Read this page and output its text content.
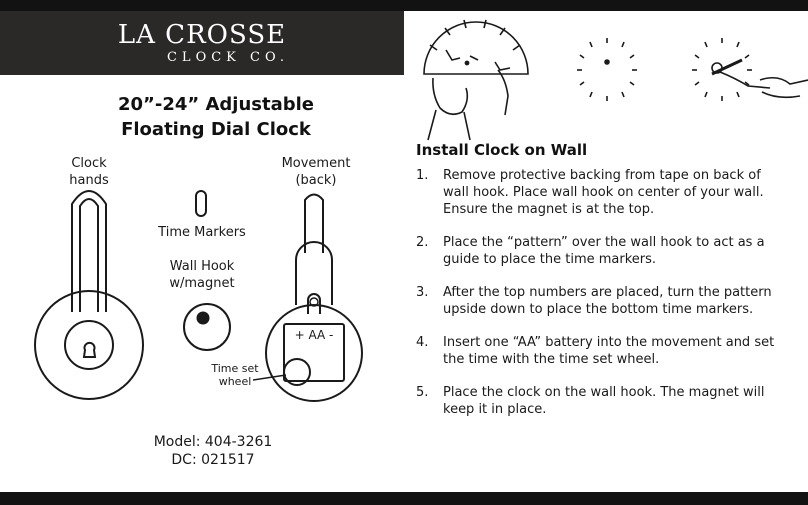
LA CROSSE
CLOCK CO.
20”-24” Adjustable
Floating Dial Clock
Clock
hands
Movement
(back)
Time Markers
Wall Hook
w/magnet
Time set
wheel
+ AA -
Model: 404-3261
DC: 021517
Install Clock on Wall
1.	Remove protective backing from tape on back of wall hook. Place wall hook on center of your wall. Ensure the magnet is at the top.
2.	Place the “pattern” over the wall hook to act as a guide to place the time markers.
3.	After the top numbers are placed, turn the pattern upside down to place the bottom time markers.
4.	Insert one “AA” battery into the movement and set the time with the time set wheel.
5.	Place the clock on the wall hook. The magnet will keep it in place.
